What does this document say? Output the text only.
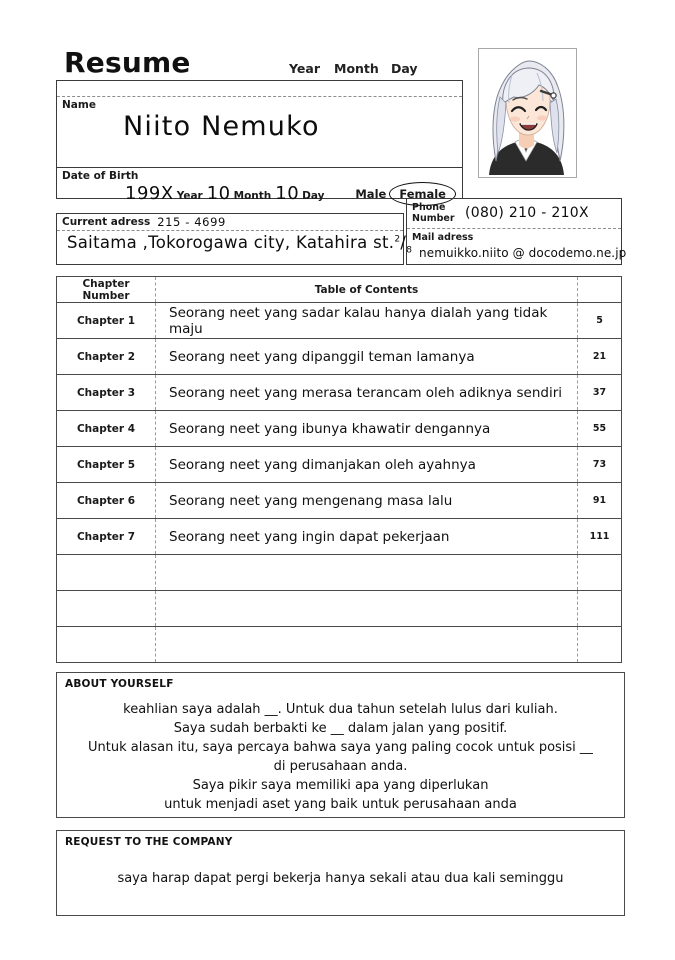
Resume	Year Month Day
Name
Niito Nemuko
Date of Birth
199X Year 10 Month 10 Day	Male	Female
Current adress 215 - 4699
Saitama ,Tokorogawa city, Katahira $st.^2/_8$
Phone
Number (080) 210 - 210X
Mail adress
nemuikko.niito @ docodemo.ne.jp
Chapter
Number	Table of Contents	
Chapter 1	Seorang neet yang sadar kalau hanya dialah yang tidak maju	5
Chapter 2	Seorang neet yang dipanggil teman lamanya	21
Chapter 3	Seorang neet yang merasa terancam oleh adiknya sendiri	37
Chapter 4	Seorang neet yang ibunya khawatir dengannya	55
Chapter 5	Seorang neet yang dimanjakan oleh ayahnya	73
Chapter 6	Seorang neet yang mengenang masa lalu	91
Chapter 7	Seorang neet yang ingin dapat pekerjaan	111

ABOUT YOURSELF
keahlian saya adalah __. Untuk dua tahun setelah lulus dari kuliah.
Saya sudah berbakti ke __ dalam jalan yang positif.
Untuk alasan itu, saya percaya bahwa saya yang paling cocok untuk posisi __
di perusahaan anda.
Saya pikir saya memiliki apa yang diperlukan
untuk menjadi aset yang baik untuk perusahaan anda
REQUEST TO THE COMPANY
saya harap dapat pergi bekerja hanya sekali atau dua kali seminggu
